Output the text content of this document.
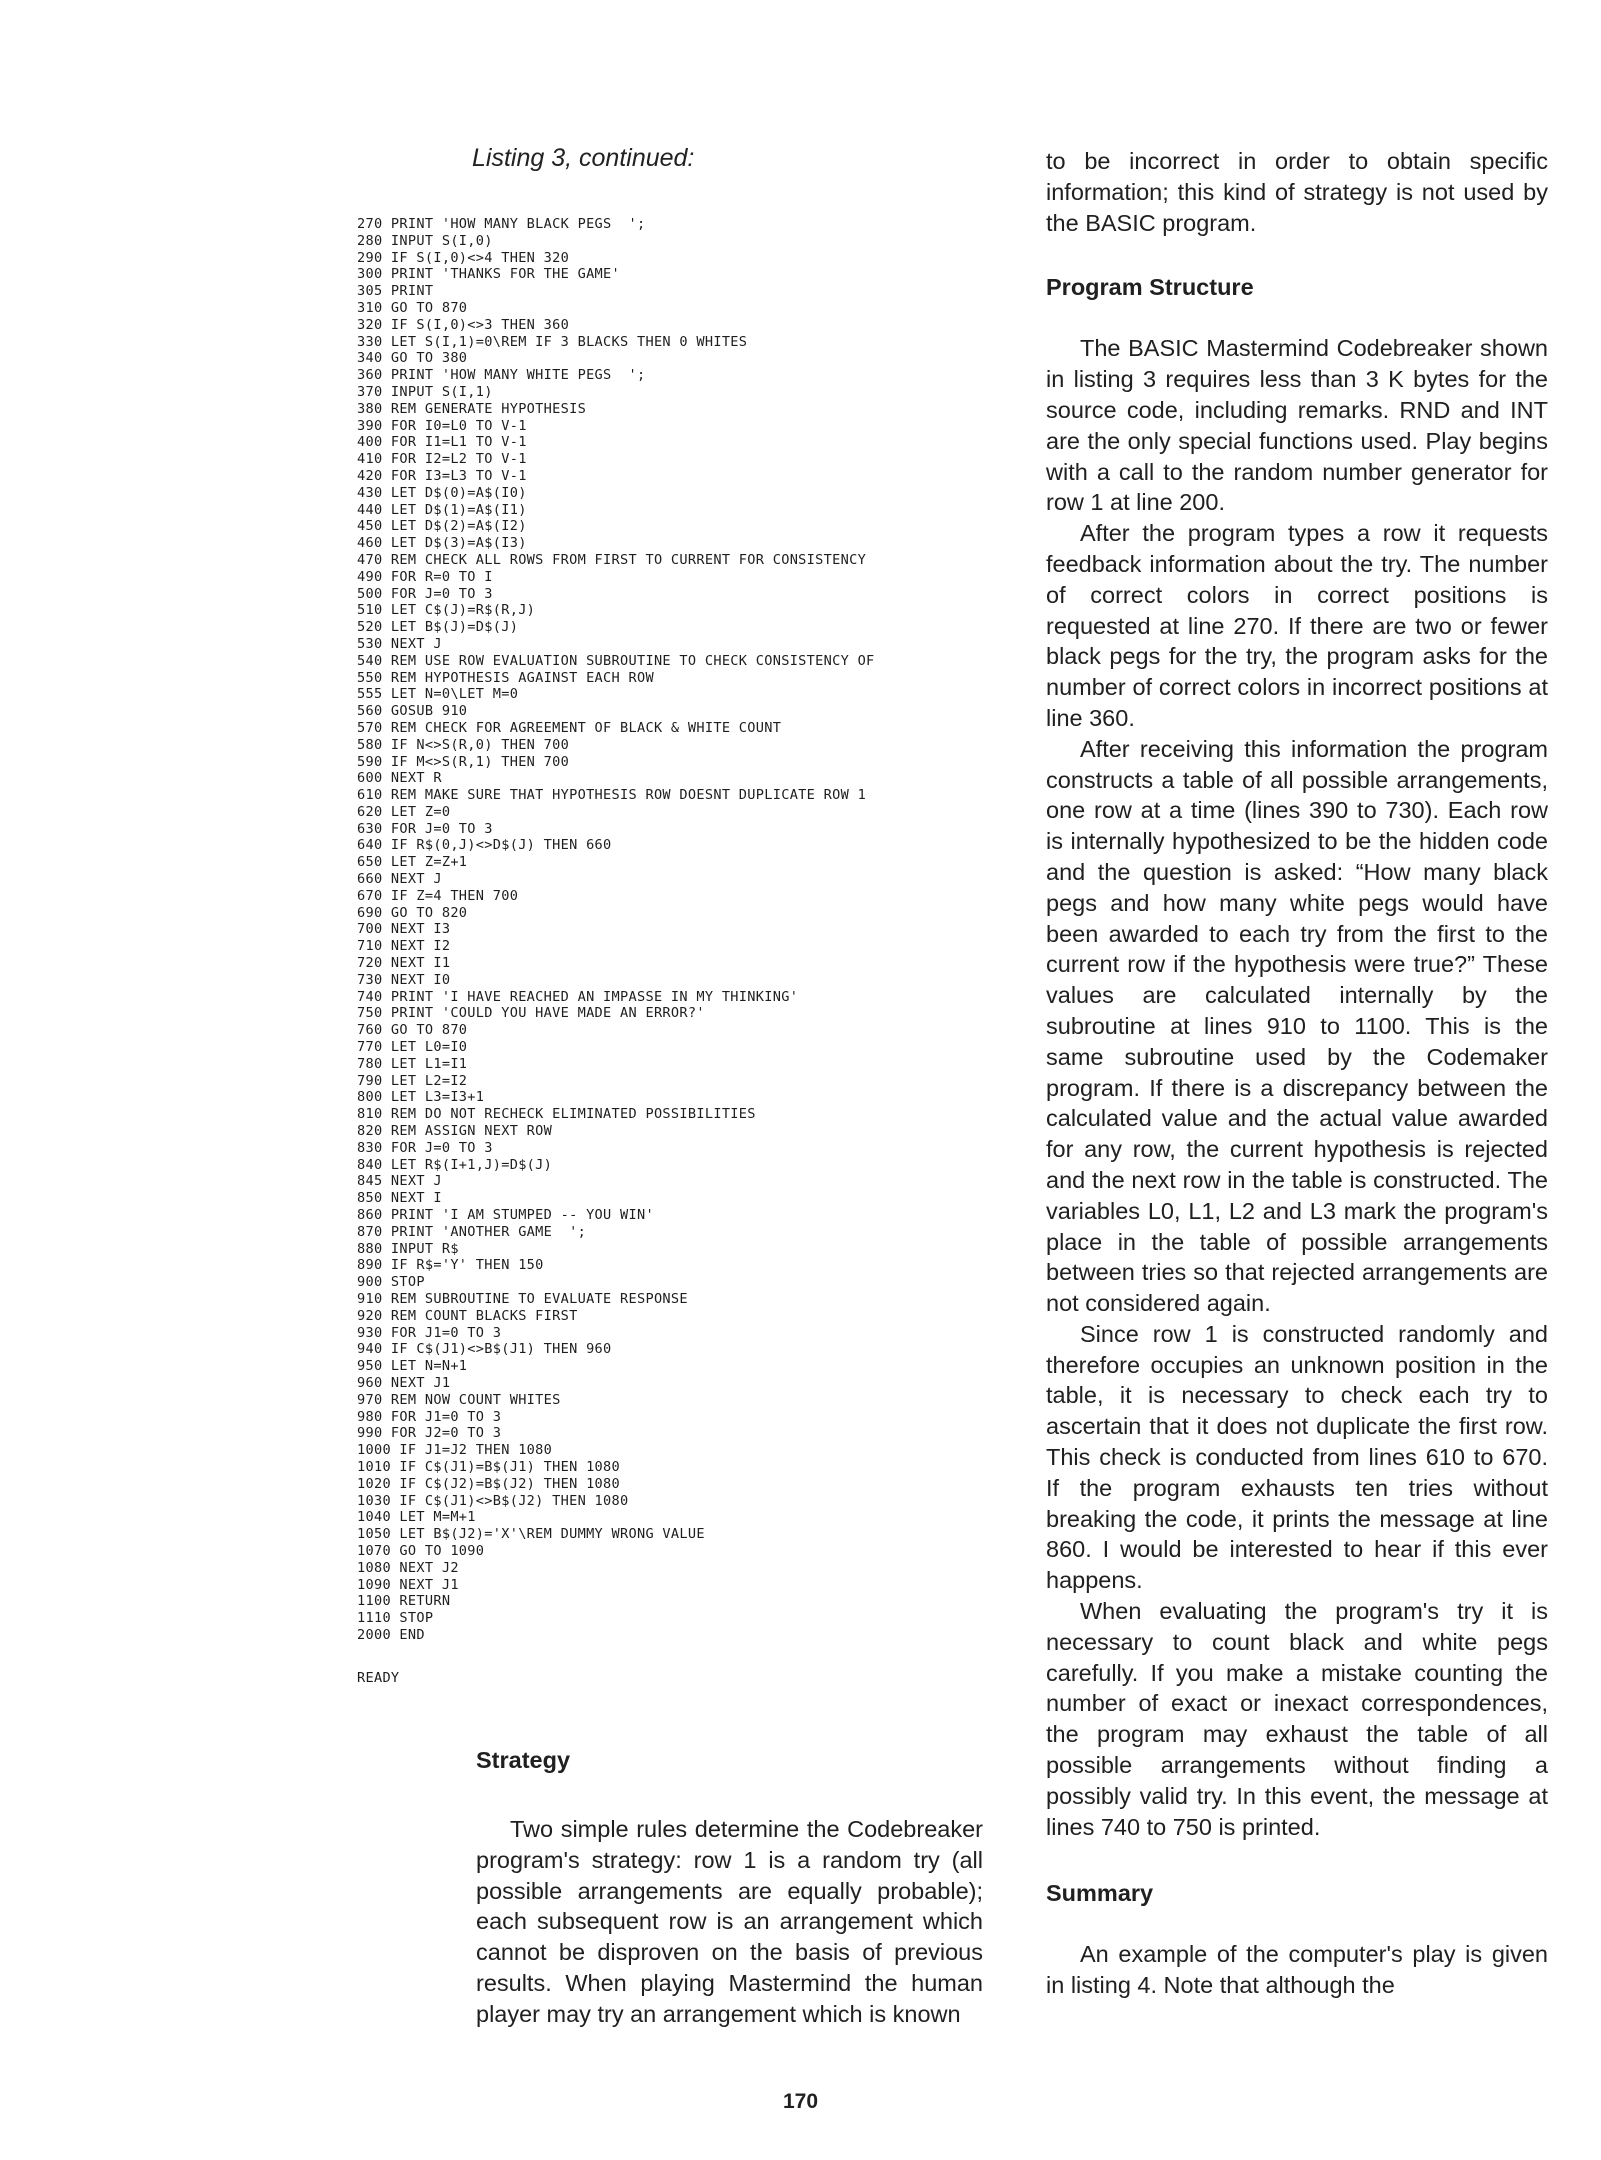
Listing 3, continued:
270 PRINT 'HOW MANY BLACK PEGS  ';
280 INPUT S(I,0)
290 IF S(I,0)<>4 THEN 320
300 PRINT 'THANKS FOR THE GAME'
305 PRINT
310 GO TO 870
320 IF S(I,0)<>3 THEN 360
330 LET S(I,1)=0\REM IF 3 BLACKS THEN 0 WHITES
340 GO TO 380
360 PRINT 'HOW MANY WHITE PEGS  ';
370 INPUT S(I,1)
380 REM GENERATE HYPOTHESIS
390 FOR I0=L0 TO V-1
400 FOR I1=L1 TO V-1
410 FOR I2=L2 TO V-1
420 FOR I3=L3 TO V-1
430 LET D$(0)=A$(I0)
440 LET D$(1)=A$(I1)
450 LET D$(2)=A$(I2)
460 LET D$(3)=A$(I3)
470 REM CHECK ALL ROWS FROM FIRST TO CURRENT FOR CONSISTENCY
490 FOR R=0 TO I
500 FOR J=0 TO 3
510 LET C$(J)=R$(R,J)
520 LET B$(J)=D$(J)
530 NEXT J
540 REM USE ROW EVALUATION SUBROUTINE TO CHECK CONSISTENCY OF
550 REM HYPOTHESIS AGAINST EACH ROW
555 LET N=0\LET M=0
560 GOSUB 910
570 REM CHECK FOR AGREEMENT OF BLACK & WHITE COUNT
580 IF N<>S(R,0) THEN 700
590 IF M<>S(R,1) THEN 700
600 NEXT R
610 REM MAKE SURE THAT HYPOTHESIS ROW DOESNT DUPLICATE ROW 1
620 LET Z=0
630 FOR J=0 TO 3
640 IF R$(0,J)<>D$(J) THEN 660
650 LET Z=Z+1
660 NEXT J
670 IF Z=4 THEN 700
690 GO TO 820
700 NEXT I3
710 NEXT I2
720 NEXT I1
730 NEXT I0
740 PRINT 'I HAVE REACHED AN IMPASSE IN MY THINKING'
750 PRINT 'COULD YOU HAVE MADE AN ERROR?'
760 GO TO 870
770 LET L0=I0
780 LET L1=I1
790 LET L2=I2
800 LET L3=I3+1
810 REM DO NOT RECHECK ELIMINATED POSSIBILITIES
820 REM ASSIGN NEXT ROW
830 FOR J=0 TO 3
840 LET R$(I+1,J)=D$(J)
845 NEXT J
850 NEXT I
860 PRINT 'I AM STUMPED -- YOU WIN'
870 PRINT 'ANOTHER GAME  ';
880 INPUT R$
890 IF R$='Y' THEN 150
900 STOP
910 REM SUBROUTINE TO EVALUATE RESPONSE
920 REM COUNT BLACKS FIRST
930 FOR J1=0 TO 3
940 IF C$(J1)<>B$(J1) THEN 960
950 LET N=N+1
960 NEXT J1
970 REM NOW COUNT WHITES
980 FOR J1=0 TO 3
990 FOR J2=0 TO 3
1000 IF J1=J2 THEN 1080
1010 IF C$(J1)=B$(J1) THEN 1080
1020 IF C$(J2)=B$(J2) THEN 1080
1030 IF C$(J1)<>B$(J2) THEN 1080
1040 LET M=M+1
1050 LET B$(J2)='X'\REM DUMMY WRONG VALUE
1070 GO TO 1090
1080 NEXT J2
1090 NEXT J1
1100 RETURN
1110 STOP
2000 END
READY
Strategy

Two simple rules determine the Codebreaker program's strategy: row 1 is a random try (all possible arrangements are equally probable); each subsequent row is an arrangement which cannot be disproven on the basis of previous results. When playing Mastermind the human player may try an arrangement which is known

to be incorrect in order to obtain specific information; this kind of strategy is not used by the BASIC program.

Program Structure

The BASIC Mastermind Codebreaker shown in listing 3 requires less than 3 K bytes for the source code, including remarks. RND and INT are the only special functions used. Play begins with a call to the random number generator for row 1 at line 200.

After the program types a row it requests feedback information about the try. The number of correct colors in correct positions is requested at line 270. If there are two or fewer black pegs for the try, the program asks for the number of correct colors in incorrect positions at line 360.

After receiving this information the program constructs a table of all possible arrangements, one row at a time (lines 390 to 730). Each row is internally hypothesized to be the hidden code and the question is asked: “How many black pegs and how many white pegs would have been awarded to each try from the first to the current row if the hypothesis were true?” These values are calculated internally by the subroutine at lines 910 to 1100. This is the same subroutine used by the Codemaker program. If there is a discrepancy between the calculated value and the actual value awarded for any row, the current hypothesis is rejected and the next row in the table is constructed. The variables L0, L1, L2 and L3 mark the program's place in the table of possible arrangements between tries so that rejected arrangements are not considered again.

Since row 1 is constructed randomly and therefore occupies an unknown position in the table, it is necessary to check each try to ascertain that it does not duplicate the first row. This check is conducted from lines 610 to 670. If the program exhausts ten tries without breaking the code, it prints the message at line 860. I would be interested to hear if this ever happens.

When evaluating the program's try it is necessary to count black and white pegs carefully. If you make a mistake counting the number of exact or inexact correspondences, the program may exhaust the table of all possible arrangements without finding a possibly valid try. In this event, the message at lines 740 to 750 is printed.

Summary

An example of the computer's play is given in listing 4. Note that although the

170
